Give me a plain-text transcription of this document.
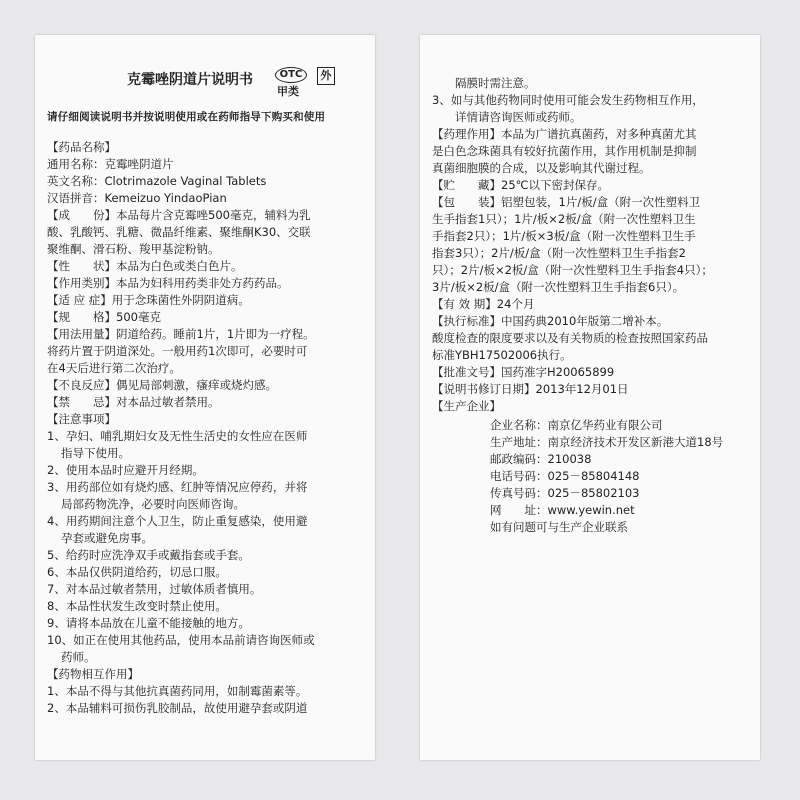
克霉唑阴道片说明书	OTC
甲类
外
请仔细阅读说明书并按说明使用或在药师指导下购买和使用
【药品名称】
通用名称：克霉唑阴道片
英文名称：Clotrimazole Vaginal Tablets
汉语拼音：Kemeizuo YindaoPian
【成　　份】本品每片含克霉唑500毫克，辅料为乳
酸、乳酸钙、乳糖、微晶纤维素、聚维酮K30、交联
聚维酮、滑石粉、羧甲基淀粉钠。
【性　　状】本品为白色或类白色片。
【作用类别】本品为妇科用药类非处方药药品。
【适 应 症】用于念珠菌性外阴阴道病。
【规　　格】500毫克
【用法用量】阴道给药。睡前1片，1片即为一疗程。
将药片置于阴道深处。一般用药1次即可，必要时可
在4天后进行第二次治疗。
【不良反应】偶见局部刺激，瘙痒或烧灼感。
【禁　　忌】对本品过敏者禁用。
【注意事项】
1、孕妇、哺乳期妇女及无性生活史的女性应在医师
指导下使用。
2、使用本品时应避开月经期。
3、用药部位如有烧灼感、红肿等情况应停药，并将
局部药物洗净，必要时向医师咨询。
4、用药期间注意个人卫生，防止重复感染，使用避
孕套或避免房事。
5、给药时应洗净双手或戴指套或手套。
6、本品仅供阴道给药，切忌口服。
7、对本品过敏者禁用，过敏体质者慎用。
8、本品性状发生改变时禁止使用。
9、请将本品放在儿童不能接触的地方。
10、如正在使用其他药品，使用本品前请咨询医师或
药师。
【药物相互作用】
1、本品不得与其他抗真菌药同用，如制霉菌素等。
2、本品辅料可损伤乳胶制品，故使用避孕套或阴道
　　隔膜时需注意。
3、如与其他药物同时使用可能会发生药物相互作用，
　　详情请咨询医师或药师。
【药理作用】本品为广谱抗真菌药，对多种真菌尤其
是白色念珠菌具有较好抗菌作用，其作用机制是抑制
真菌细胞膜的合成，以及影响其代谢过程。
【贮　　藏】25℃以下密封保存。
【包　　装】铝塑包装，1片/板/盒（附一次性塑料卫
生手指套1只）；1片/板×2板/盒（附一次性塑料卫生
手指套2只）；1片/板×3板/盒（附一次性塑料卫生手
指套3只）；2片/板/盒（附一次性塑料卫生手指套2
只）；2片/板×2板/盒（附一次性塑料卫生手指套4只）；
3片/板×2板/盒（附一次性塑料卫生手指套6只）。
【有 效 期】24个月
【执行标准】中国药典2010年版第二增补本。
酸度检查的限度要求以及有关物质的检查按照国家药品
标准YBH17502006执行。
【批准文号】国药准字H20065899
【说明书修订日期】2013年12月01日
【生产企业】
企业名称：南京亿华药业有限公司
生产地址：南京经济技术开发区新港大道18号
邮政编码：210038
电话号码：025－85804148
传真号码：025－85802103
网　　址：www.yewin.net
如有问题可与生产企业联系
